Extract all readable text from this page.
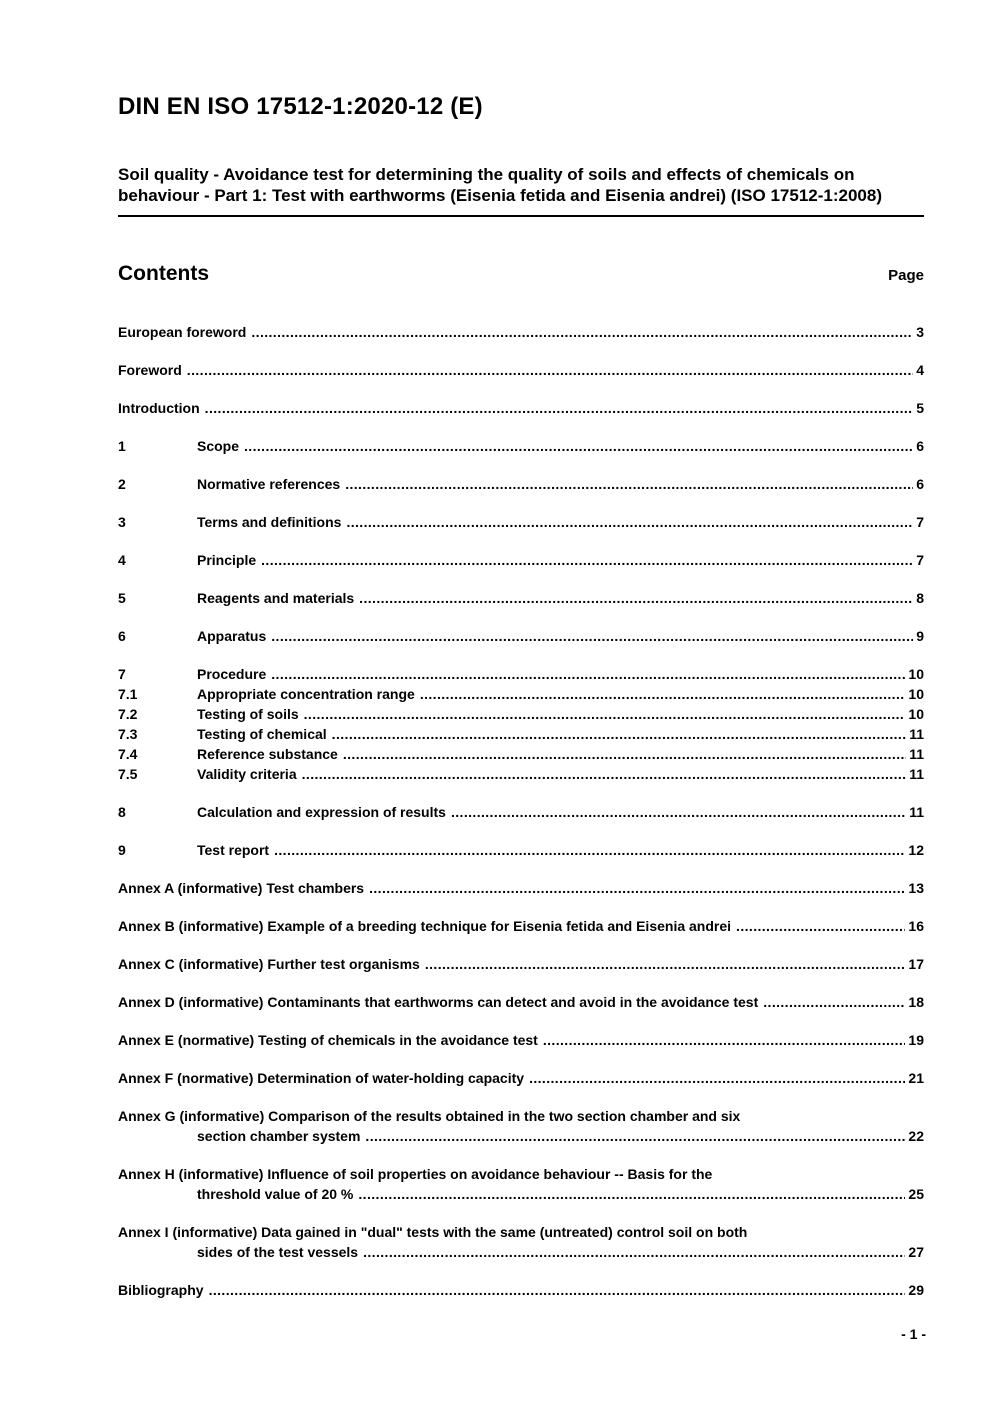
DIN EN ISO 17512-1:2020-12 (E)
Soil quality - Avoidance test for determining the quality of soils and effects of chemicals on behaviour - Part 1: Test with earthworms (Eisenia fetida and Eisenia andrei) (ISO 17512-1:2008)
Contents	Page
European foreword .....	3
Foreword .....	4
Introduction .....	5
1	Scope .....	6
2	Normative references .....	6
3	Terms and definitions .....	7
4	Principle .....	7
5	Reagents and materials .....	8
6	Apparatus .....	9
7	Procedure .....	10
7.1	Appropriate concentration range .....	10
7.2	Testing of soils .....	10
7.3	Testing of chemical .....	11
7.4	Reference substance .....	11
7.5	Validity criteria .....	11
8	Calculation and expression of results .....	11
9	Test report .....	12
Annex A (informative) Test chambers .....	13
Annex B (informative) Example of a breeding technique for Eisenia fetida and Eisenia andrei .....	16
Annex C (informative) Further test organisms .....	17
Annex D (informative) Contaminants that earthworms can detect and avoid in the avoidance test .....	18
Annex E (normative) Testing of chemicals in the avoidance test .....	19
Annex F (normative) Determination of water-holding capacity .....	21
Annex G (informative) Comparison of the results obtained in the two section chamber and six
section chamber system .....	22
Annex H (informative) Influence of soil properties on avoidance behaviour -- Basis for the
threshold value of 20 % .....	25
Annex I (informative) Data gained in "dual" tests with the same (untreated) control soil on both
sides of the test vessels .....	27
Bibliography .....	29
- 1 -
